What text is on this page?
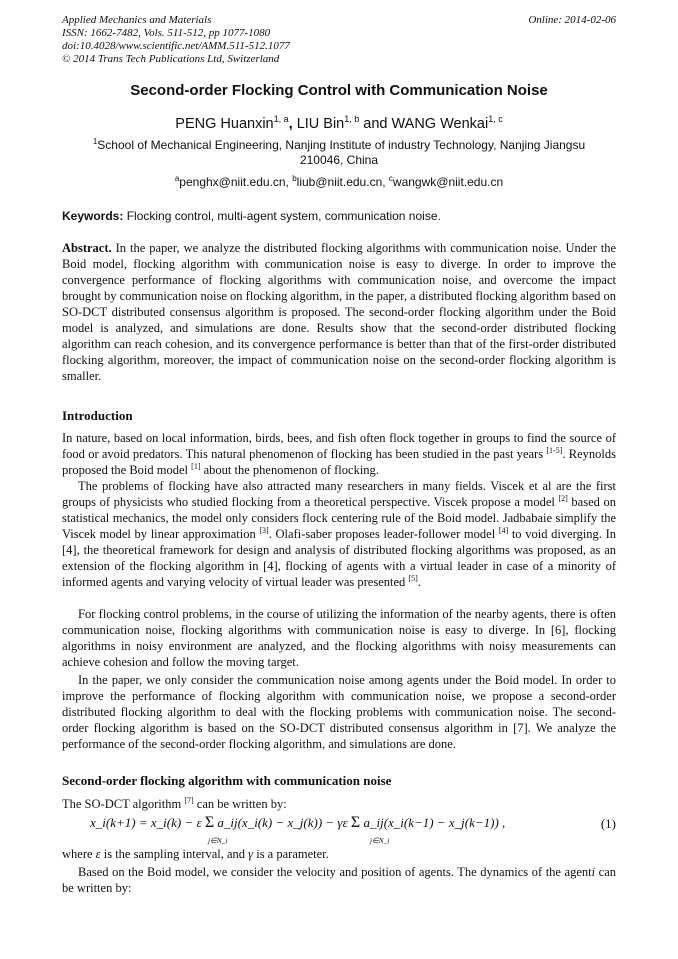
Applied Mechanics and Materials
ISSN: 1662-7482, Vols. 511-512, pp 1077-1080
doi:10.4028/www.scientific.net/AMM.511-512.1077
© 2014 Trans Tech Publications Ltd, Switzerland
Online: 2014-02-06
Second-order Flocking Control with Communication Noise
PENG Huanxin$^{1, a}$, LIU Bin$^{1, b}$ and WANG Wenkai$^{1, c}$
$^1$School of Mechanical Engineering, Nanjing Institute of industry Technology, Nanjing Jiangsu 210046, China
$^a$penghx@niit.edu.cn, $^b$liub@niit.edu.cn, $^c$wangwk@niit.edu.cn
Keywords: Flocking control, multi-agent system, communication noise.

Abstract. In the paper, we analyze the distributed flocking algorithms with communication noise. Under the Boid model, flocking algorithm with communication noise is easy to diverge. In order to improve the convergence performance of flocking algorithms with communication noise, and overcome the impact brought by communication noise on flocking algorithm, in the paper, a distributed flocking algorithm based on SO-DCT distributed consensus algorithm is proposed. The second-order flocking algorithm under the Boid model is analyzed, and simulations are done. Results show that the second-order distributed flocking algorithm can reach cohesion, and its convergence performance is better than that of the first-order distributed flocking algorithm, moreover, the impact of communication noise on the second-order flocking algorithm is smaller.

Introduction

In nature, based on local information, birds, bees, and fish often flock together in groups to find the source of food or avoid predators. This natural phenomenon of flocking has been studied in the past years [1-5]. Reynolds proposed the Boid model [1] about the phenomenon of flocking.

The problems of flocking have also attracted many researchers in many fields. Viscek et al are the first groups of physicists who studied flocking from a theoretical perspective. Viscek propose a model [2] based on statistical mechanics, the model only considers flock centering rule of the Boid model. Jadbabaie simplify the Viscek model by linear approximation [3]. Olafi-saber proposes leader-follower model [4] to void diverging. In [4], the theoretical framework for design and analysis of distributed flocking algorithms was proposed, as an extension of the flocking algorithm in [4], flocking of agents with a virtual leader in case of a minority of informed agents and varying velocity of virtual leader was presented [5].

For flocking control problems, in the course of utilizing the information of the nearby agents, there is often communication noise, flocking algorithms with communication noise is easy to diverge. In [6], flocking algorithms in noisy environment are analyzed, and the flocking algorithms with noisy measurements can achieve cohesion and follow the moving target.

In the paper, we only consider the communication noise among agents under the Boid model. In order to improve the performance of flocking algorithm with communication noise, we propose a second-order distributed flocking algorithm to deal with the flocking problems with communication noise. The second-order flocking algorithm is based on the SO-DCT distributed consensus algorithm in [7]. We analyze the performance of the second-order flocking algorithm, and simulations are done.

Second-order flocking algorithm with communication noise

The SO-DCT algorithm [7] can be written by:

x_i(k+1) = x_i(k) − ε Σ a_ij(x_i(k) − x_j(k)) − γε Σ a_ij(x_i(k−1) − x_j(k−1)) ,
j∈N_i	j∈N_i
(1)

where ε is the sampling interval, and γ is a parameter.

Based on the Boid model, we consider the velocity and position of agents. The dynamics of the agenti can be written by:
